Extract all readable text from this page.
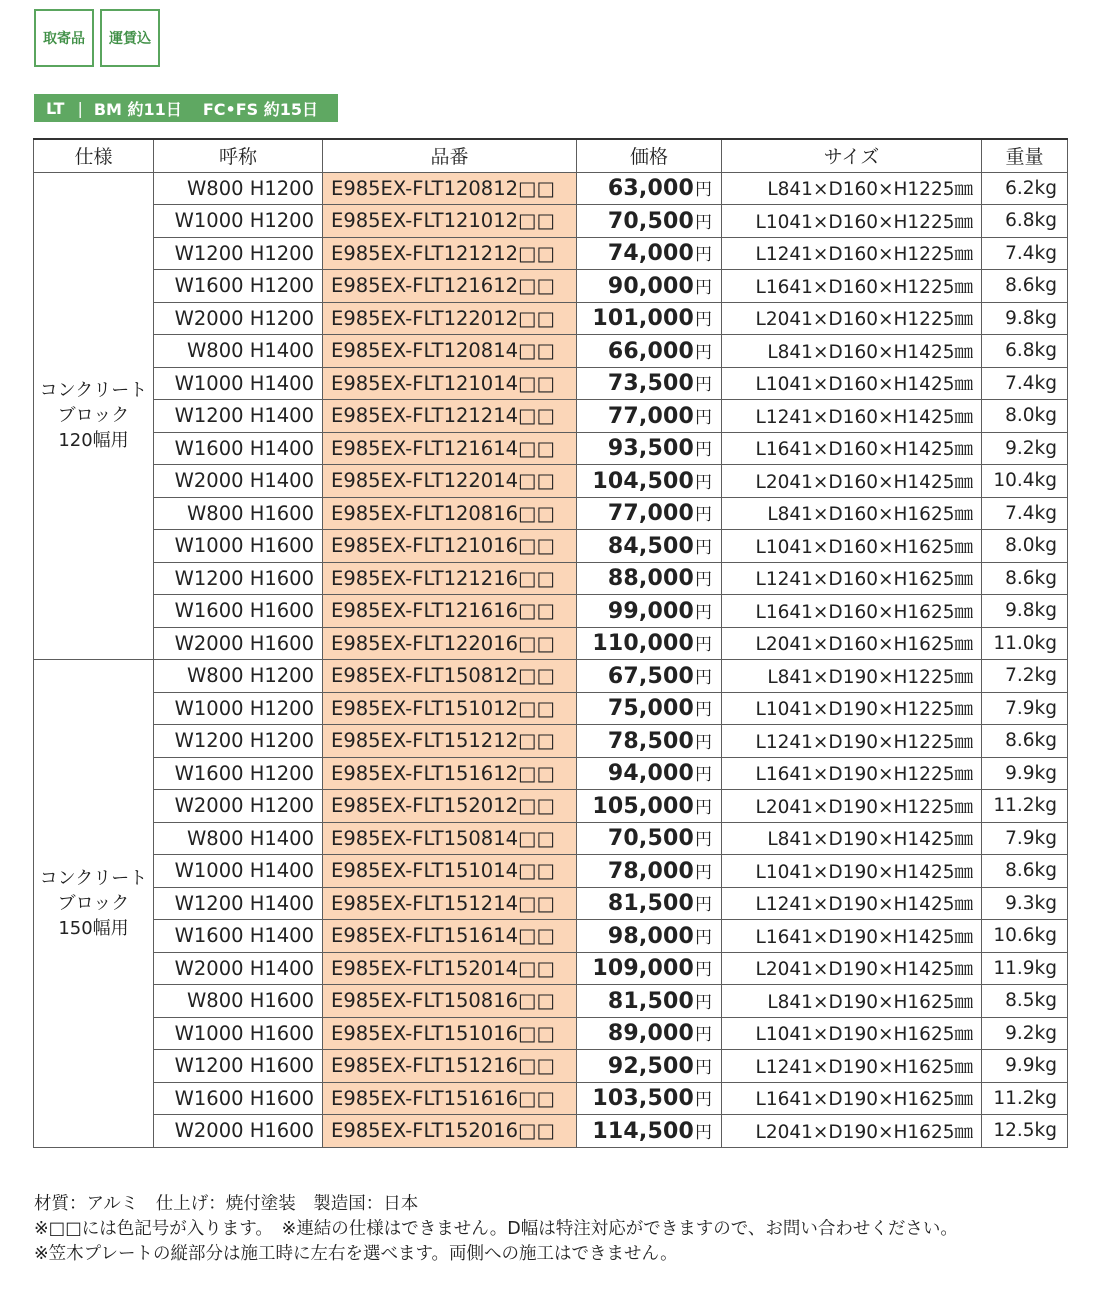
取寄品	運賃込
LT | BM 約11日 FC•FS 約15日
仕様	呼称	品番	価格	サイズ	重量

コンクリート
ブロック
120幅用	W800 H1200	E985EX-FLT120812□□	63,000円	L841×D160×H1225㎜	6.2kg
	W1000 H1200	E985EX-FLT121012□□	70,500円	L1041×D160×H1225㎜	6.8kg
	W1200 H1200	E985EX-FLT121212□□	74,000円	L1241×D160×H1225㎜	7.4kg
	W1600 H1200	E985EX-FLT121612□□	90,000円	L1641×D160×H1225㎜	8.6kg
	W2000 H1200	E985EX-FLT122012□□	101,000円	L2041×D160×H1225㎜	9.8kg
	W800 H1400	E985EX-FLT120814□□	66,000円	L841×D160×H1425㎜	6.8kg
	W1000 H1400	E985EX-FLT121014□□	73,500円	L1041×D160×H1425㎜	7.4kg
	W1200 H1400	E985EX-FLT121214□□	77,000円	L1241×D160×H1425㎜	8.0kg
	W1600 H1400	E985EX-FLT121614□□	93,500円	L1641×D160×H1425㎜	9.2kg
	W2000 H1400	E985EX-FLT122014□□	104,500円	L2041×D160×H1425㎜	10.4kg
	W800 H1600	E985EX-FLT120816□□	77,000円	L841×D160×H1625㎜	7.4kg
	W1000 H1600	E985EX-FLT121016□□	84,500円	L1041×D160×H1625㎜	8.0kg
	W1200 H1600	E985EX-FLT121216□□	88,000円	L1241×D160×H1625㎜	8.6kg
	W1600 H1600	E985EX-FLT121616□□	99,000円	L1641×D160×H1625㎜	9.8kg
	W2000 H1600	E985EX-FLT122016□□	110,000円	L2041×D160×H1625㎜	11.0kg

コンクリート
ブロック
150幅用	W800 H1200	E985EX-FLT150812□□	67,500円	L841×D190×H1225㎜	7.2kg
	W1000 H1200	E985EX-FLT151012□□	75,000円	L1041×D190×H1225㎜	7.9kg
	W1200 H1200	E985EX-FLT151212□□	78,500円	L1241×D190×H1225㎜	8.6kg
	W1600 H1200	E985EX-FLT151612□□	94,000円	L1641×D190×H1225㎜	9.9kg
	W2000 H1200	E985EX-FLT152012□□	105,000円	L2041×D190×H1225㎜	11.2kg
	W800 H1400	E985EX-FLT150814□□	70,500円	L841×D190×H1425㎜	7.9kg
	W1000 H1400	E985EX-FLT151014□□	78,000円	L1041×D190×H1425㎜	8.6kg
	W1200 H1400	E985EX-FLT151214□□	81,500円	L1241×D190×H1425㎜	9.3kg
	W1600 H1400	E985EX-FLT151614□□	98,000円	L1641×D190×H1425㎜	10.6kg
	W2000 H1400	E985EX-FLT152014□□	109,000円	L2041×D190×H1425㎜	11.9kg
	W800 H1600	E985EX-FLT150816□□	81,500円	L841×D190×H1625㎜	8.5kg
	W1000 H1600	E985EX-FLT151016□□	89,000円	L1041×D190×H1625㎜	9.2kg
	W1200 H1600	E985EX-FLT151216□□	92,500円	L1241×D190×H1625㎜	9.9kg
	W1600 H1600	E985EX-FLT151616□□	103,500円	L1641×D190×H1625㎜	11.2kg
	W2000 H1600	E985EX-FLT152016□□	114,500円	L2041×D190×H1625㎜	12.5kg
材質：アルミ　仕上げ：焼付塗装　製造国：日本
※□□には色記号が入ります。　※連結の仕様はできません。D幅は特注対応ができますので、お問い合わせください。
※笠木プレートの縦部分は施工時に左右を選べます。両側への施工はできません。
